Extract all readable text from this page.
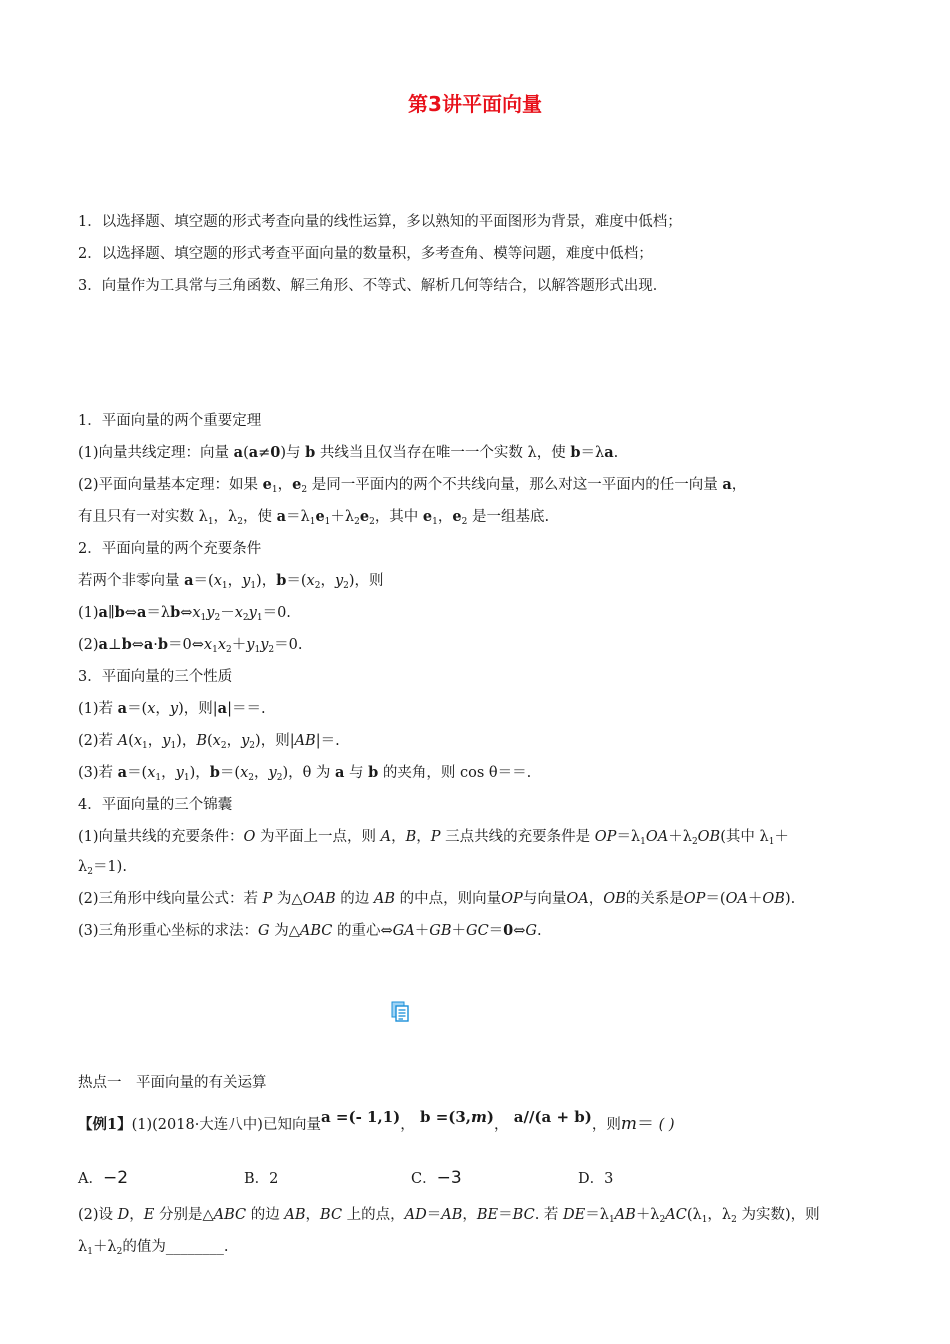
第3讲平面向量
1．以选择题、填空题的形式考查向量的线性运算，多以熟知的平面图形为背景，难度中低档；
2．以选择题、填空题的形式考查平面向量的数量积，多考查角、模等问题，难度中低档；
3．向量作为工具常与三角函数、解三角形、不等式、解析几何等结合，以解答题形式出现．
1．平面向量的两个重要定理
(1)向量共线定理：向量 a(a≠0)与 b 共线当且仅当存在唯一一个实数 λ，使 b＝λa.
(2)平面向量基本定理：如果 $e_1$，$e_2$ 是同一平面内的两个不共线向量，那么对这一平面内的任一向量 a，
有且只有一对实数 $\lambda_1$，$\lambda_2$，使 $a=\lambda_1e_1+\lambda_2e_2$，其中 $e_1$，$e_2$ 是一组基底.
2．平面向量的两个充要条件
若两个非零向量 $a=(x_1$，$y_1$)，$b=(x_2$，$y_2$)，则
$(1)a\parallel b\Leftrightarrow a=\lambda b\Leftrightarrow x_1y_2-x_2y_1=0$.
$(2)a\perp b\Leftrightarrow a\cdot b=0\Leftrightarrow x_1x_2+y_1y_2=0$.
3．平面向量的三个性质
(1)若 a＝(x，y)，则|a|＝＝.
(2)若 $A(x_1$，$y_1$)，$B(x_2$，$y_2$)，则|AB|＝.
(3)若 $a=(x_1$，$y_1$)，$b=(x_2$，$y_2$)，θ 为 a 与 b 的夹角，则 cos θ＝＝.
4．平面向量的三个锦囊
(1)向量共线的充要条件：O 为平面上一点，则 A，B，P 三点共线的充要条件是 $OP=\lambda_1OA+\lambda_2OB$(其中 $\lambda_1+$
$\lambda_2=1$).
(2)三角形中线向量公式：若 P 为△OAB 的边 AB 的中点，则向量OP与向量OA，OB的关系是OP＝(OA＋OB).
(3)三角形重心坐标的求法：G 为△ABC 的重心⇔GA＋GB＋GC＝0⇔G.
热点一　平面向量的有关运算
【例1】(1)(2018·大连八中)已知向量a =(- 1,1)， b =(3,m)， a//(a + b)，则m＝ ( )
A．−2	B．2	C．−3	D．3
(2)设 D，E 分别是△ABC 的边 AB，BC 上的点，AD＝AB，BE＝BC. 若 $DE=\lambda_1AB+\lambda_2AC(\lambda_1$，$\lambda_2$ 为实数)，则
$\lambda_1+\lambda_2$的值为________.
